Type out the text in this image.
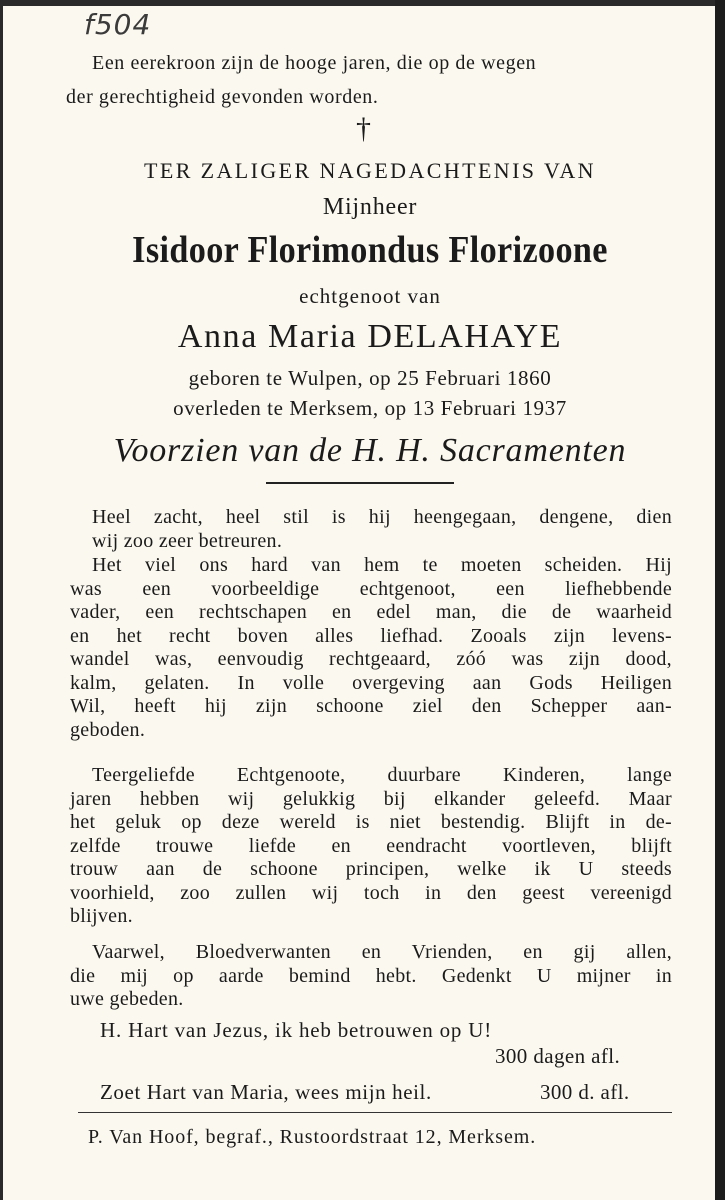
f504
Een eerekroon zijn de hooge jaren, die op de wegen
der gerechtigheid gevonden worden.
†
TER ZALIGER NAGEDACHTENIS VAN
Mijnheer
Isidoor Florimondus Florizoone
echtgenoot van
Anna Maria DELAHAYE
geboren te Wulpen, op 25 Februari 1860
overleden te Merksem, op 13 Februari 1937
Voorzien van de H. H. Sacramenten
Heel zacht, heel stil is hij heengegaan, dengene, dien
wij zoo zeer betreuren.
Het viel ons hard van hem te moeten scheiden. Hij
was een voorbeeldige echtgenoot, een liefhebbende
vader, een rechtschapen en edel man, die de waarheid
en het recht boven alles liefhad. Zooals zijn levens-
wandel was, eenvoudig rechtgeaard, zóó was zijn dood,
kalm, gelaten. In volle overgeving aan Gods Heiligen
Wil, heeft hij zijn schoone ziel den Schepper aan-
geboden.
Teergeliefde Echtgenoote, duurbare Kinderen, lange
jaren hebben wij gelukkig bij elkander geleefd. Maar
het geluk op deze wereld is niet bestendig. Blijft in de-
zelfde trouwe liefde en eendracht voortleven, blijft
trouw aan de schoone principen, welke ik U steeds
voorhield, zoo zullen wij toch in den geest vereenigd
blijven.
Vaarwel, Bloedverwanten en Vrienden, en gij allen,
die mij op aarde bemind hebt. Gedenkt U mijner in
uwe gebeden.
H. Hart van Jezus, ik heb betrouwen op U!
300 dagen afl.
Zoet Hart van Maria, wees mijn heil.	300 d. afl.
P. Van Hoof, begraf., Rustoordstraat 12, Merksem.
